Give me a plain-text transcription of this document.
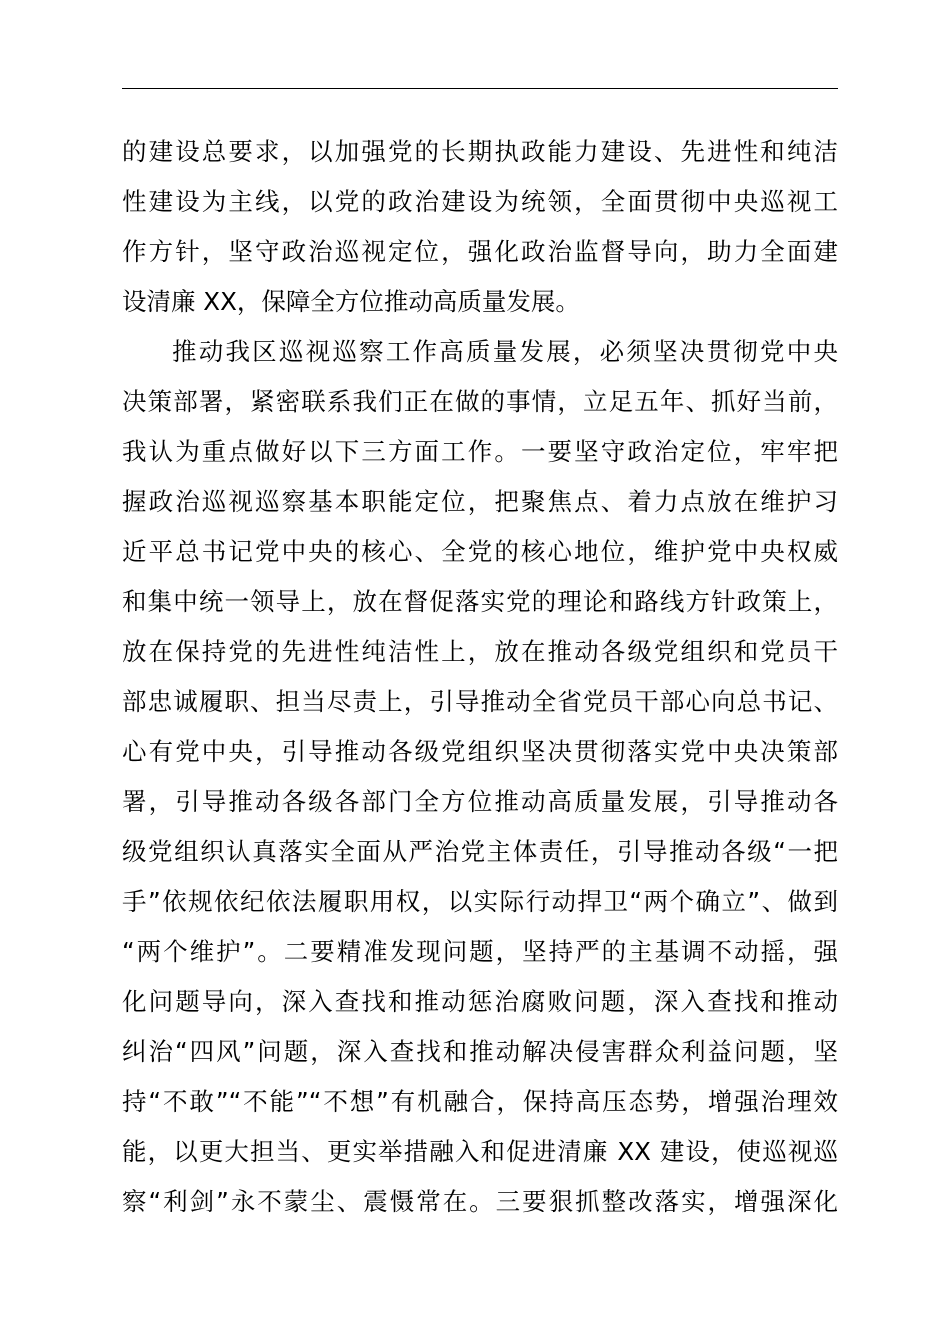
的建设总要求，以加强党的长期执政能力建设、先进性和纯洁
性建设为主线，以党的政治建设为统领，全面贯彻中央巡视工
作方针，坚守政治巡视定位，强化政治监督导向，助力全面建
设清廉 XX，保障全方位推动高质量发展。
推动我区巡视巡察工作高质量发展，必须坚决贯彻党中央
决策部署，紧密联系我们正在做的事情，立足五年、抓好当前，
我认为重点做好以下三方面工作。一要坚守政治定位，牢牢把
握政治巡视巡察基本职能定位，把聚焦点、着力点放在维护习
近平总书记党中央的核心、全党的核心地位，维护党中央权威
和集中统一领导上，放在督促落实党的理论和路线方针政策上，
放在保持党的先进性纯洁性上，放在推动各级党组织和党员干
部忠诚履职、担当尽责上，引导推动全省党员干部心向总书记、
心有党中央，引导推动各级党组织坚决贯彻落实党中央决策部
署，引导推动各级各部门全方位推动高质量发展，引导推动各
级党组织认真落实全面从严治党主体责任，引导推动各级“一把
手”依规依纪依法履职用权，以实际行动捍卫“两个确立”、做到
“两个维护”。二要精准发现问题，坚持严的主基调不动摇，强
化问题导向，深入查找和推动惩治腐败问题，深入查找和推动
纠治“四风”问题，深入查找和推动解决侵害群众利益问题，坚
持“不敢”“不能”“不想”有机融合，保持高压态势，增强治理效
能，以更大担当、更实举措融入和促进清廉 XX 建设，使巡视巡
察“利剑”永不蒙尘、震慑常在。三要狠抓整改落实，增强深化
